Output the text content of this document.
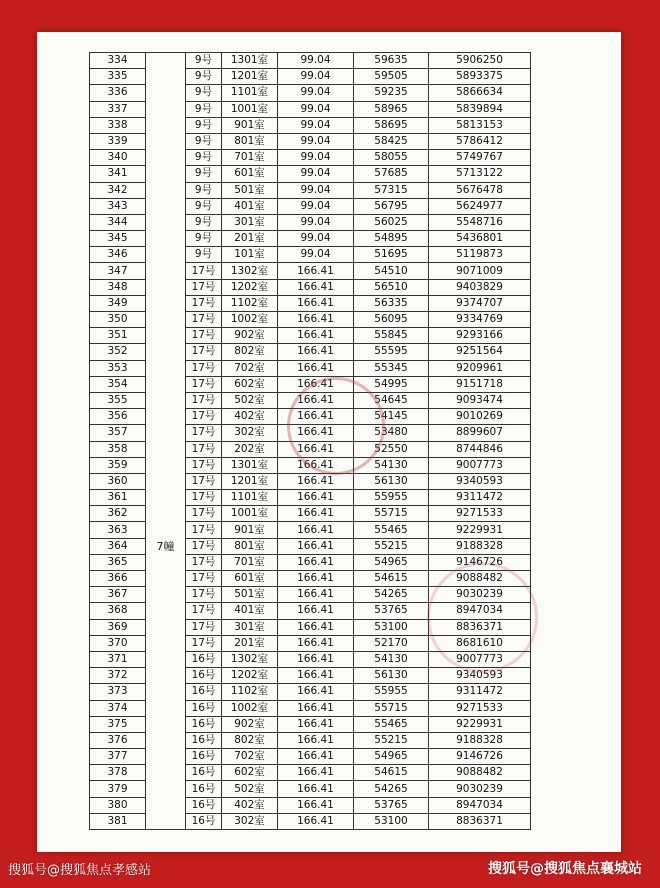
334		9号	1301室	99.04	59635	5906250
335		9号	1201室	99.04	59505	5893375
336		9号	1101室	99.04	59235	5866634
337		9号	1001室	99.04	58965	5839894
338		9号	901室	99.04	58695	5813153
339		9号	801室	99.04	58425	5786412
340		9号	701室	99.04	58055	5749767
341		9号	601室	99.04	57685	5713122
342		9号	501室	99.04	57315	5676478
343		9号	401室	99.04	56795	5624977
344		9号	301室	99.04	56025	5548716
345		9号	201室	99.04	54895	5436801
346		9号	101室	99.04	51695	5119873
347	7幢	17号	1302室	166.41	54510	9071009
348		17号	1202室	166.41	56510	9403829
349		17号	1102室	166.41	56335	9374707
350		17号	1002室	166.41	56095	9334769
351		17号	902室	166.41	55845	9293166
352		17号	802室	166.41	55595	9251564
353		17号	702室	166.41	55345	9209961
354		17号	602室	166.41	54995	9151718
355		17号	502室	166.41	54645	9093474
356		17号	402室	166.41	54145	9010269
357		17号	302室	166.41	53480	8899607
358		17号	202室	166.41	52550	8744846
359		17号	1301室	166.41	54130	9007773
360		17号	1201室	166.41	56130	9340593
361		17号	1101室	166.41	55955	9311472
362		17号	1001室	166.41	55715	9271533
363		17号	901室	166.41	55465	9229931
364		17号	801室	166.41	55215	9188328
365		17号	701室	166.41	54965	9146726
366		17号	601室	166.41	54615	9088482
367		17号	501室	166.41	54265	9030239
368		17号	401室	166.41	53765	8947034
369		17号	301室	166.41	53100	8836371
370		17号	201室	166.41	52170	8681610
371		16号	1302室	166.41	54130	9007773
372		16号	1202室	166.41	56130	9340593
373		16号	1102室	166.41	55955	9311472
374		16号	1002室	166.41	55715	9271533
375		16号	902室	166.41	55465	9229931
376		16号	802室	166.41	55215	9188328
377		16号	702室	166.41	54965	9146726
378		16号	602室	166.41	54615	9088482
379		16号	502室	166.41	54265	9030239
380		16号	402室	166.41	53765	8947034
381		16号	302室	166.41	53100	8836371
搜狐号@搜狐焦点孝感站	搜狐号@搜狐焦点襄城站
